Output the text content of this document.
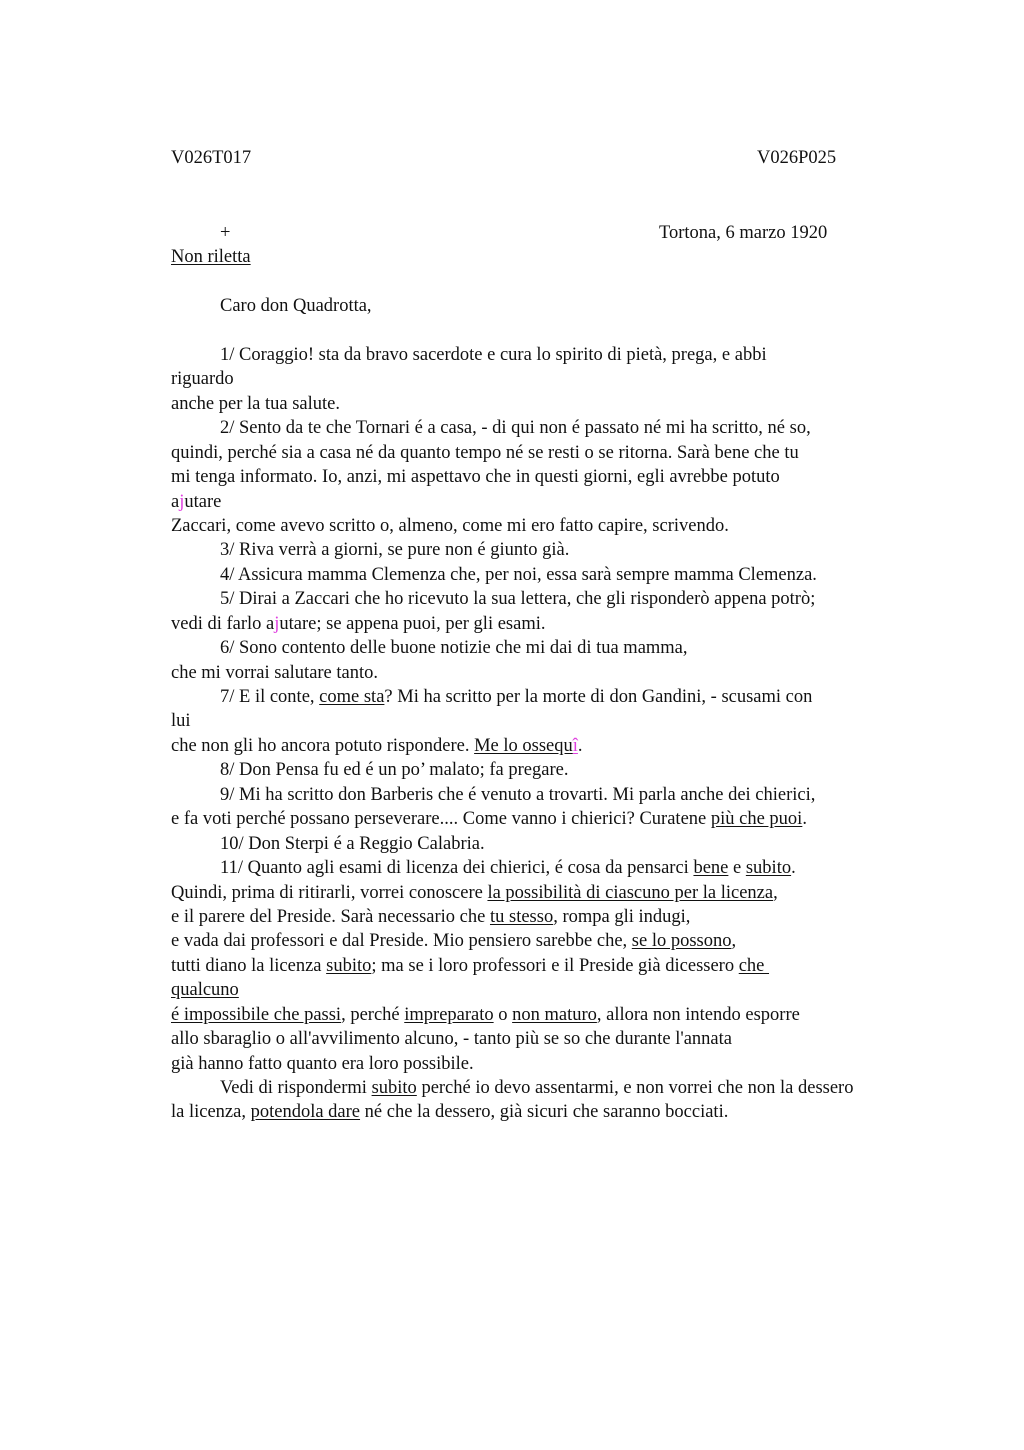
V026T017	V026P025
+	Tortona, 6 marzo 1920
Non riletta
Caro don Quadrotta,
1/ Coraggio! sta da bravo sacerdote e cura lo spirito di pietà, prega, e abbi
riguardo
anche per la tua salute.
2/ Sento da te che Tornari é a casa, - di qui non é passato né mi ha scritto, né so,
quindi, perché sia a casa né da quanto tempo né se resti o se ritorna. Sarà bene che tu
mi tenga informato. Io, anzi, mi aspettavo che in questi giorni, egli avrebbe potuto
ajutare
Zaccari, come avevo scritto o, almeno, come mi ero fatto capire, scrivendo.
3/ Riva verrà a giorni, se pure non é giunto già.
4/ Assicura mamma Clemenza che, per noi, essa sarà sempre mamma Clemenza.
5/ Dirai a Zaccari che ho ricevuto la sua lettera, che gli risponderò appena potrò;
vedi di farlo ajutare; se appena puoi, per gli esami.
6/ Sono contento delle buone notizie che mi dai di tua mamma,
che mi vorrai salutare tanto.
7/ E il conte, come sta? Mi ha scritto per la morte di don Gandini, - scusami con
lui
che non gli ho ancora potuto rispondere. Me lo ossequî.
8/ Don Pensa fu ed é un po’ malato; fa pregare.
9/ Mi ha scritto don Barberis che é venuto a trovarti. Mi parla anche dei chierici,
e fa voti perché possano perseverare.... Come vanno i chierici? Curatene più che puoi.
10/ Don Sterpi é a Reggio Calabria.
11/ Quanto agli esami di licenza dei chierici, é cosa da pensarci bene e subito.
Quindi, prima di ritirarli, vorrei conoscere la possibilità di ciascuno per la licenza,
e il parere del Preside. Sarà necessario che tu stesso, rompa gli indugi,
e vada dai professori e dal Preside. Mio pensiero sarebbe che, se lo possono,
tutti diano la licenza subito; ma se i loro professori e il Preside già dicessero che
qualcuno
é impossibile che passi, perché impreparato o non maturo, allora non intendo esporre
allo sbaraglio o all'avvilimento alcuno, - tanto più se so che durante l'annata
già hanno fatto quanto era loro possibile.
Vedi di rispondermi subito perché io devo assentarmi, e non vorrei che non la dessero
la licenza, potendola dare né che la dessero, già sicuri che saranno bocciati.
